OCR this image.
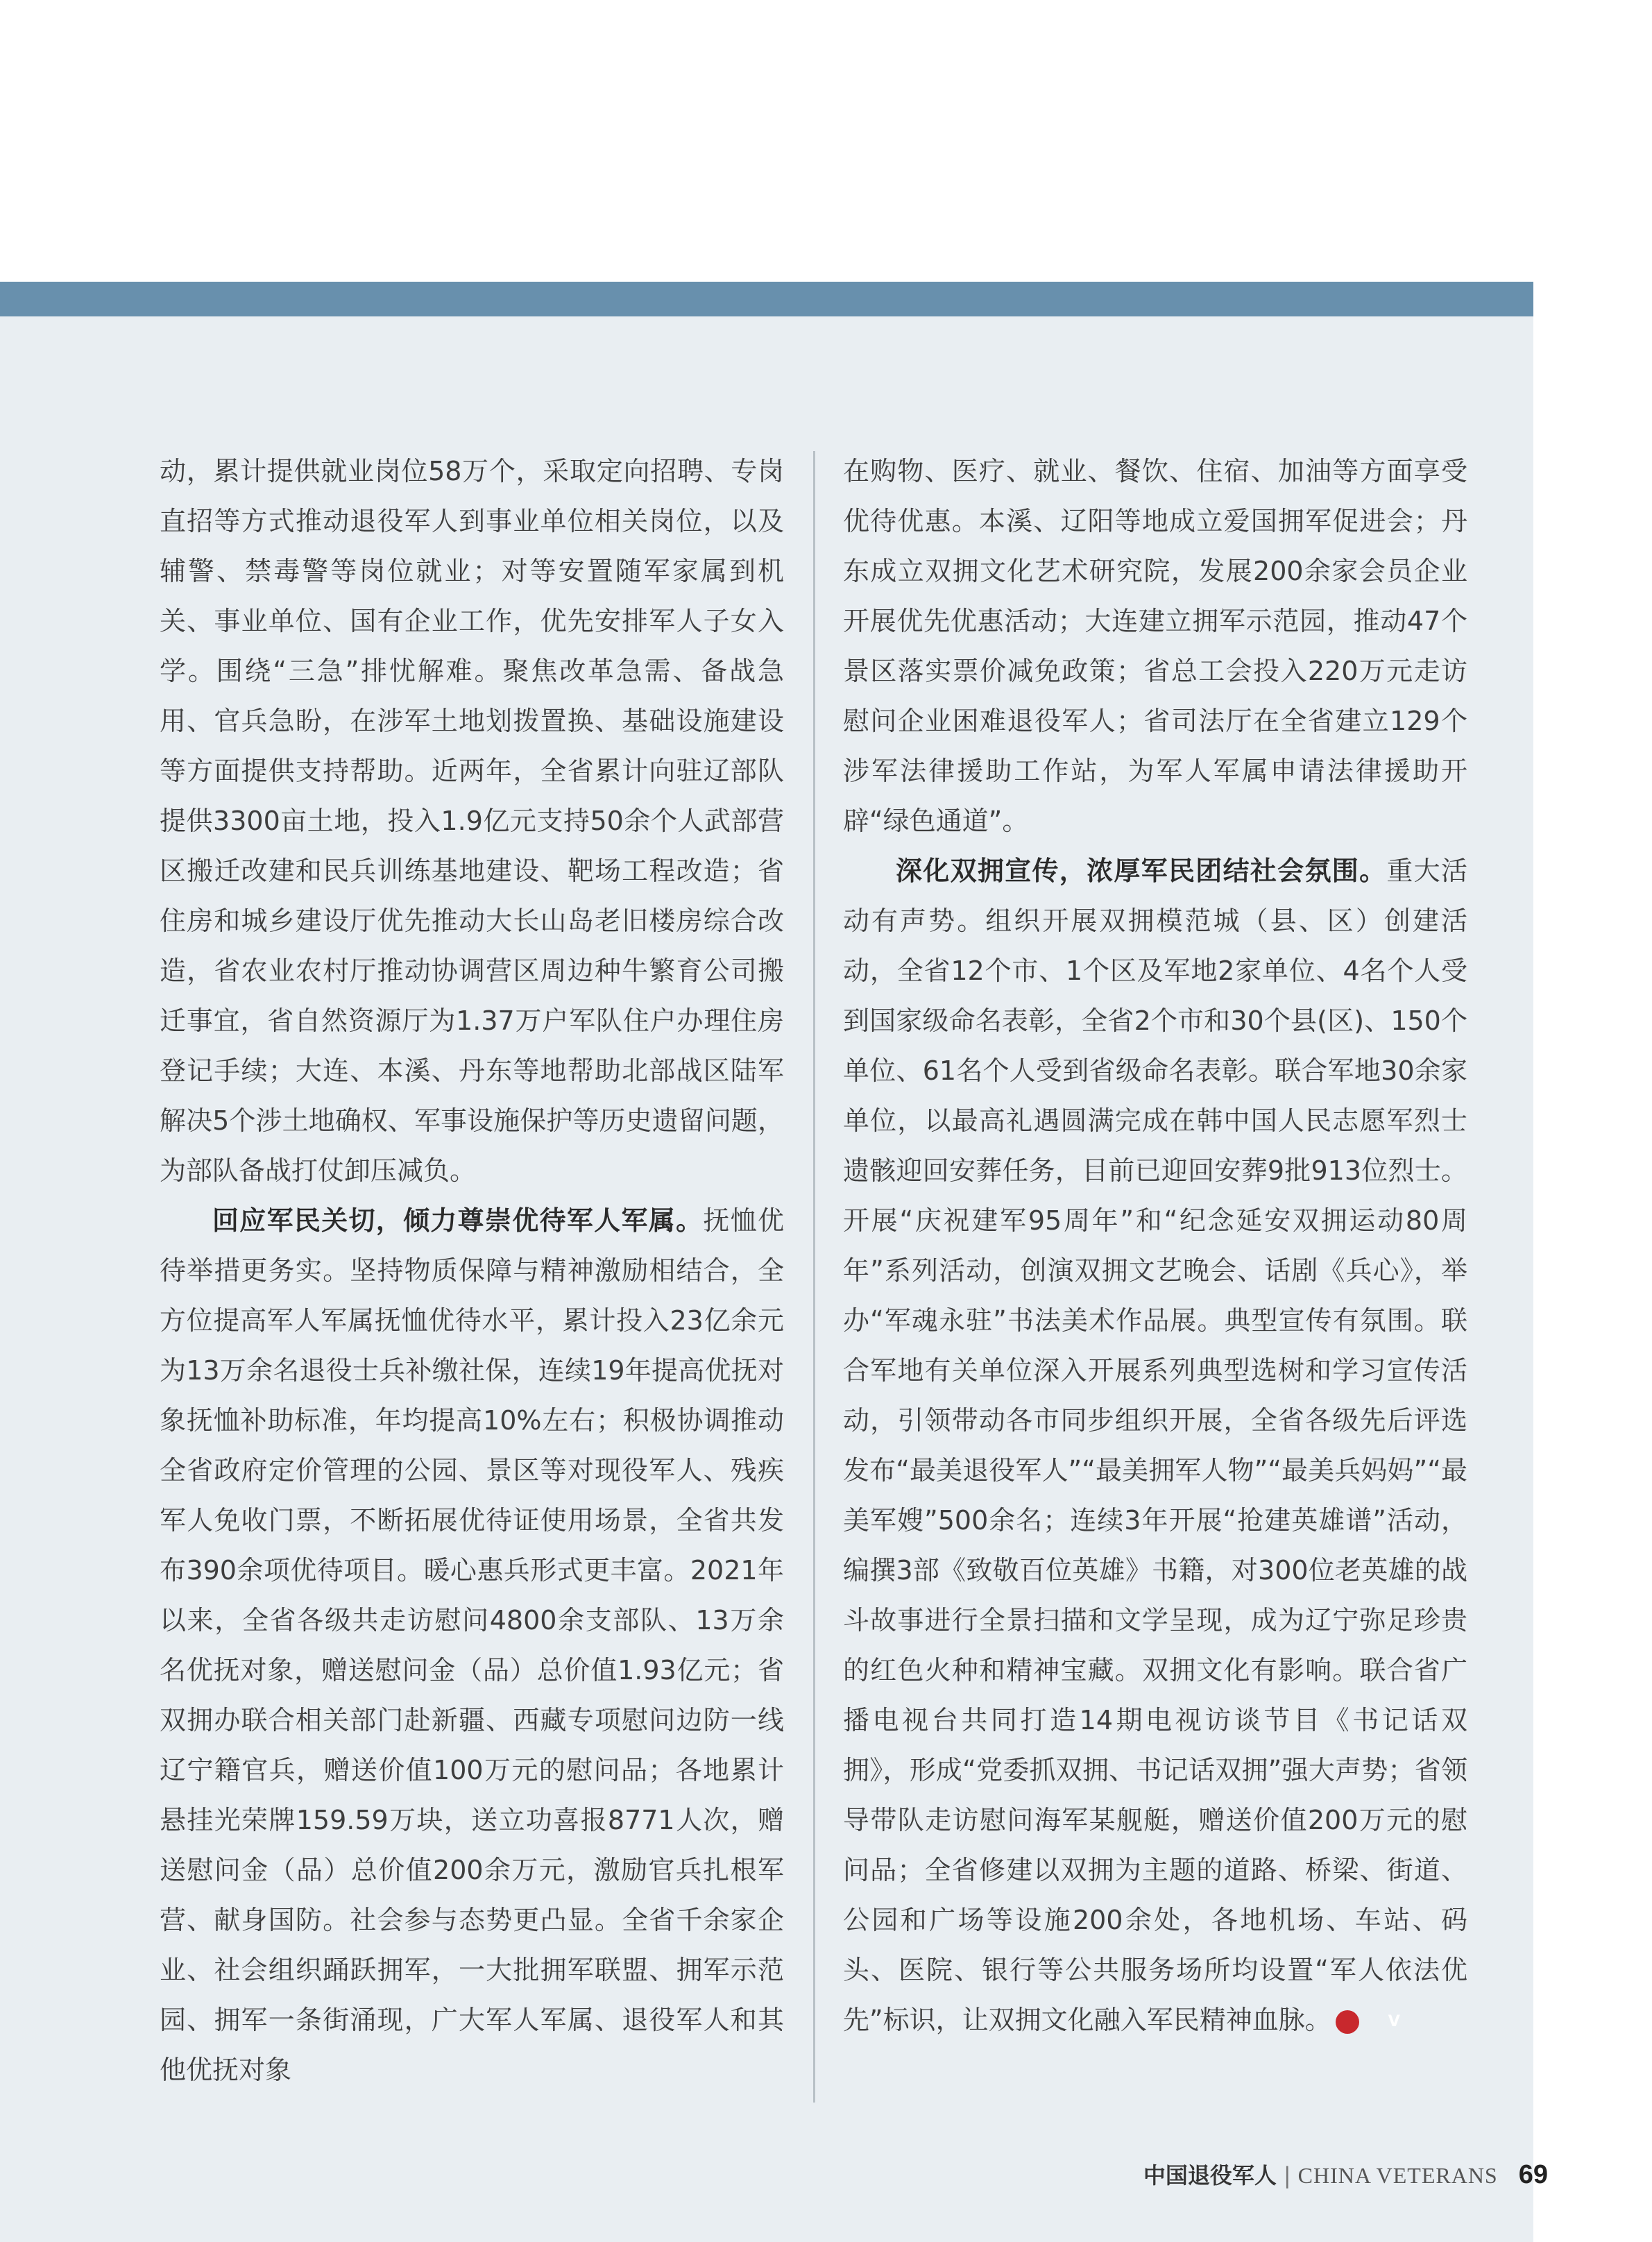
动，累计提供就业岗位58万个，采取定向招聘、专岗直招等方式推动退役军人到事业单位相关岗位，以及辅警、禁毒警等岗位就业；对等安置随军家属到机关、事业单位、国有企业工作，优先安排军人子女入学。围绕“三急”排忧解难。聚焦改革急需、备战急用、官兵急盼，在涉军土地划拨置换、基础设施建设等方面提供支持帮助。近两年，全省累计向驻辽部队提供3300亩土地，投入1.9亿元支持50余个人武部营区搬迁改建和民兵训练基地建设、靶场工程改造；省住房和城乡建设厅优先推动大长山岛老旧楼房综合改造，省农业农村厅推动协调营区周边种牛繁育公司搬迁事宜，省自然资源厅为1.37万户军队住户办理住房登记手续；大连、本溪、丹东等地帮助北部战区陆军解决5个涉土地确权、军事设施保护等历史遗留问题，为部队备战打仗卸压减负。

回应军民关切，倾力尊崇优待军人军属。抚恤优待举措更务实。坚持物质保障与精神激励相结合，全方位提高军人军属抚恤优待水平，累计投入23亿余元为13万余名退役士兵补缴社保，连续19年提高优抚对象抚恤补助标准，年均提高10%左右；积极协调推动全省政府定价管理的公园、景区等对现役军人、残疾军人免收门票，不断拓展优待证使用场景，全省共发布390余项优待项目。暖心惠兵形式更丰富。2021年以来，全省各级共走访慰问4800余支部队、13万余名优抚对象，赠送慰问金（品）总价值1.93亿元；省双拥办联合相关部门赴新疆、西藏专项慰问边防一线辽宁籍官兵，赠送价值100万元的慰问品；各地累计悬挂光荣牌159.59万块，送立功喜报8771人次，赠送慰问金（品）总价值200余万元，激励官兵扎根军营、献身国防。社会参与态势更凸显。全省千余家企业、社会组织踊跃拥军，一大批拥军联盟、拥军示范园、拥军一条街涌现，广大军人军属、退役军人和其他优抚对象

在购物、医疗、就业、餐饮、住宿、加油等方面享受优待优惠。本溪、辽阳等地成立爱国拥军促进会；丹东成立双拥文化艺术研究院，发展200余家会员企业开展优先优惠活动；大连建立拥军示范园，推动47个景区落实票价减免政策；省总工会投入220万元走访慰问企业困难退役军人；省司法厅在全省建立129个涉军法律援助工作站，为军人军属申请法律援助开辟“绿色通道”。

深化双拥宣传，浓厚军民团结社会氛围。重大活动有声势。组织开展双拥模范城（县、区）创建活动，全省12个市、1个区及军地2家单位、4名个人受到国家级命名表彰，全省2个市和30个县(区)、150个单位、61名个人受到省级命名表彰。联合军地30余家单位，以最高礼遇圆满完成在韩中国人民志愿军烈士遗骸迎回安葬任务，目前已迎回安葬9批913位烈士。开展“庆祝建军95周年”和“纪念延安双拥运动80周年”系列活动，创演双拥文艺晚会、话剧《兵心》，举办“军魂永驻”书法美术作品展。典型宣传有氛围。联合军地有关单位深入开展系列典型选树和学习宣传活动，引领带动各市同步组织开展，全省各级先后评选发布“最美退役军人”“最美拥军人物”“最美兵妈妈”“最美军嫂”500余名；连续3年开展“抢建英雄谱”活动，编撰3部《致敬百位英雄》书籍，对300位老英雄的战斗故事进行全景扫描和文学呈现，成为辽宁弥足珍贵的红色火种和精神宝藏。双拥文化有影响。联合省广播电视台共同打造14期电视访谈节目《书记话双拥》，形成“党委抓双拥、书记话双拥”强大声势；省领导带队走访慰问海军某舰艇，赠送价值200万元的慰问品；全省修建以双拥为主题的道路、桥梁、街道、公园和广场等设施200余处，各地机场、车站、码头、医院、银行等公共服务场所均设置“军人依法优先”标识，让双拥文化融入军民精神血脉。	V

中国退役军人 | CHINA VETERANS 69
